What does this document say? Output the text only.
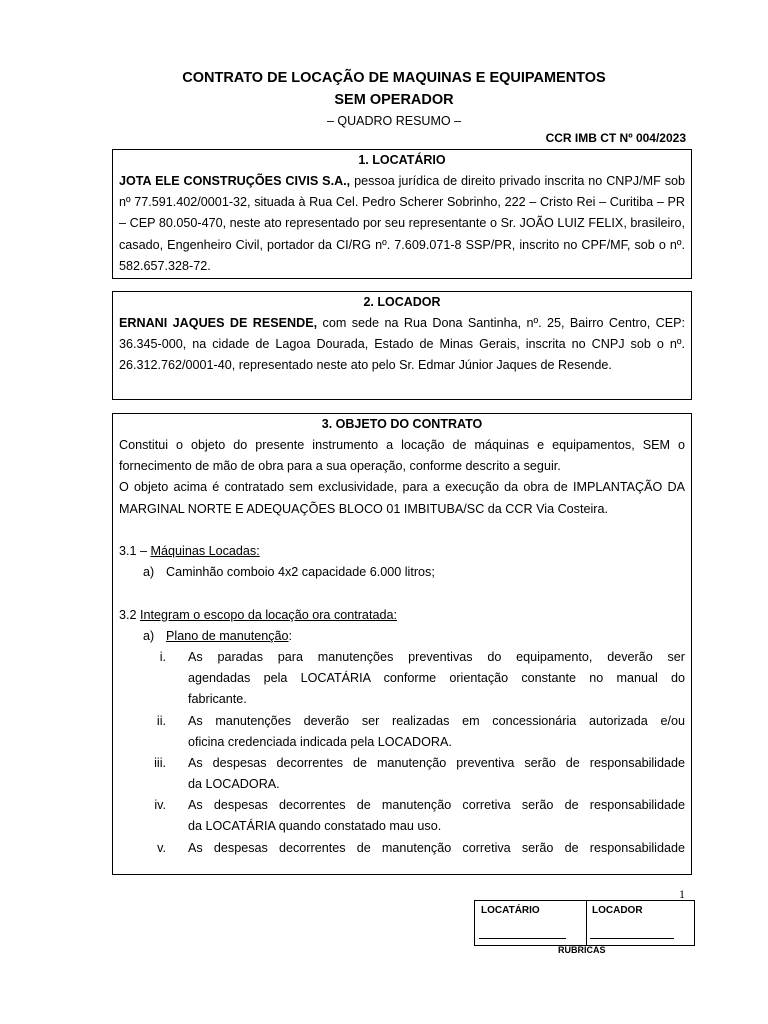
CONTRATO DE LOCAÇÃO DE MAQUINAS E EQUIPAMENTOS
SEM OPERADOR
– QUADRO RESUMO –
CCR IMB CT Nº 004/2023
1. LOCATÁRIO
JOTA ELE CONSTRUÇÕES CIVIS S.A., pessoa jurídica de direito privado inscrita no CNPJ/MF sob nº 77.591.402/0001-32, situada à Rua Cel. Pedro Scherer Sobrinho, 222 – Cristo Rei – Curitiba – PR – CEP 80.050-470, neste ato representado por seu representante o Sr. JOÃO LUIZ FELIX, brasileiro, casado, Engenheiro Civil, portador da CI/RG nº. 7.609.071-8 SSP/PR, inscrito no CPF/MF, sob o nº. 582.657.328-72.
2. LOCADOR
ERNANI JAQUES DE RESENDE, com sede na Rua Dona Santinha, nº. 25, Bairro Centro, CEP: 36.345-000, na cidade de Lagoa Dourada, Estado de Minas Gerais, inscrita no CNPJ sob o nº. 26.312.762/0001-40, representado neste ato pelo Sr. Edmar Júnior Jaques de Resende.
3. OBJETO DO CONTRATO
Constitui o objeto do presente instrumento a locação de máquinas e equipamentos, SEM o fornecimento de mão de obra para a sua operação, conforme descrito a seguir.
O objeto acima é contratado sem exclusividade, para a execução da obra de IMPLANTAÇÃO DA MARGINAL NORTE E ADEQUAÇÕES BLOCO 01 IMBITUBA/SC da CCR Via Costeira.
3.1 – Máquinas Locadas:
a) Caminhão comboio 4x2 capacidade 6.000 litros;
3.2 Integram o escopo da locação ora contratada:
a) Plano de manutenção:
i. As paradas para manutenções preventivas do equipamento, deverão ser
agendadas pela LOCATÁRIA conforme orientação constante no manual do
fabricante.
ii. As manutenções deverão ser realizadas em concessionária autorizada e/ou
oficina credenciada indicada pela LOCADORA.
iii. As despesas decorrentes de manutenção preventiva serão de responsabilidade
da LOCADORA.
iv. As despesas decorrentes de manutenção corretiva serão de responsabilidade
da LOCATÁRIA quando constatado mau uso.
v. As despesas decorrentes de manutenção corretiva serão de responsabilidade
1
LOCATÁRIO	LOCADOR
RUBRICAS
